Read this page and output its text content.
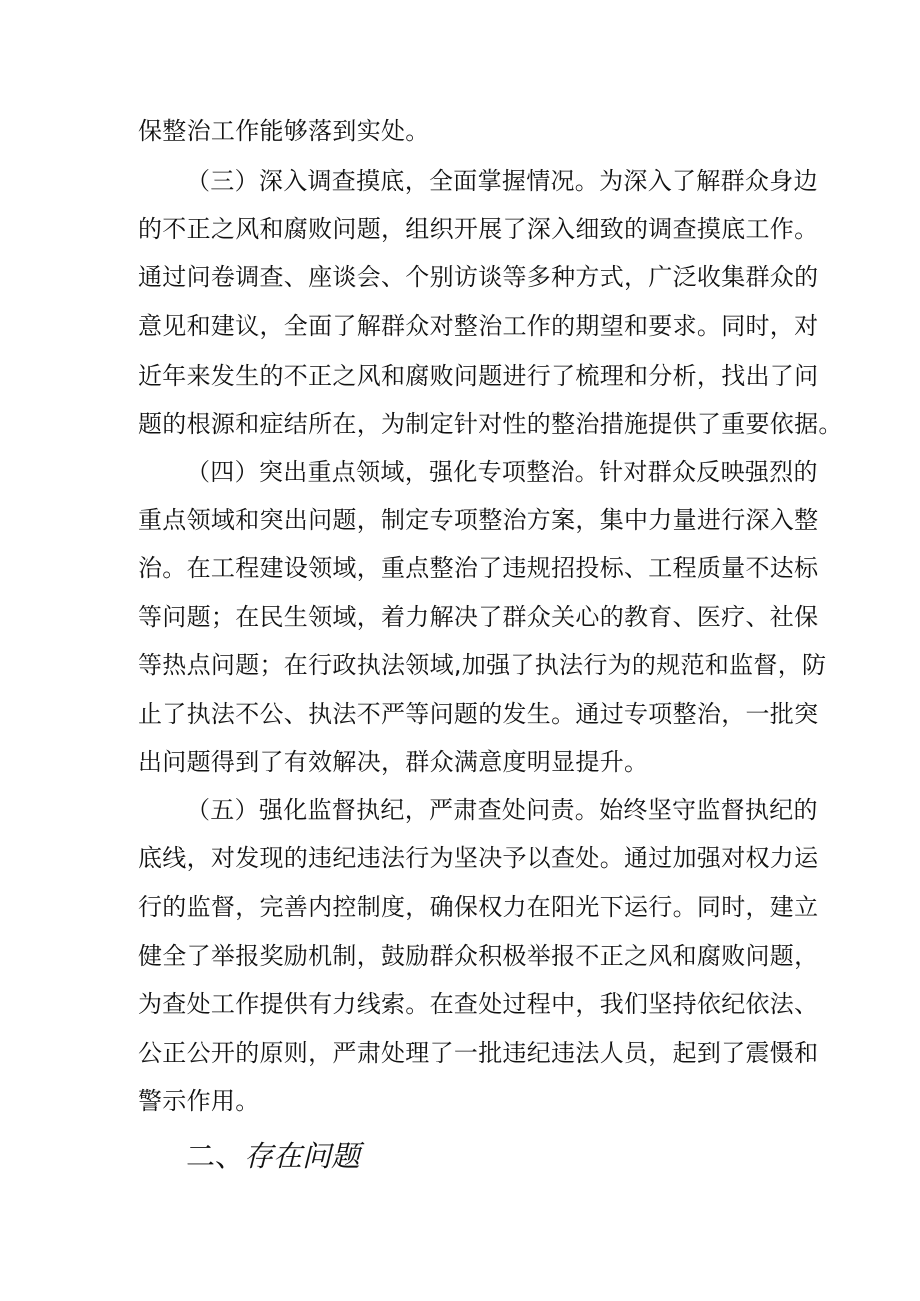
保整治工作能够落到实处。
（三）深入调查摸底，全面掌握情况。为深入了解群众身边
的不正之风和腐败问题，组织开展了深入细致的调查摸底工作。
通过问卷调查、座谈会、个别访谈等多种方式，广泛收集群众的
意见和建议，全面了解群众对整治工作的期望和要求。同时，对
近年来发生的不正之风和腐败问题进行了梳理和分析，找出了问
题的根源和症结所在，为制定针对性的整治措施提供了重要依据。
（四）突出重点领域，强化专项整治。针对群众反映强烈的
重点领域和突出问题，制定专项整治方案，集中力量进行深入整
治。在工程建设领域，重点整治了违规招投标、工程质量不达标
等问题；在民生领域，着力解决了群众关心的教育、医疗、社保
等热点问题；在行政执法领域,加强了执法行为的规范和监督，防
止了执法不公、执法不严等问题的发生。通过专项整治，一批突
出问题得到了有效解决，群众满意度明显提升。
（五）强化监督执纪，严肃查处问责。始终坚守监督执纪的
底线，对发现的违纪违法行为坚决予以查处。通过加强对权力运
行的监督，完善内控制度，确保权力在阳光下运行。同时，建立
健全了举报奖励机制，鼓励群众积极举报不正之风和腐败问题，
为查处工作提供有力线索。在查处过程中，我们坚持依纪依法、
公正公开的原则，严肃处理了一批违纪违法人员，起到了震慑和
警示作用。
二、存在问题
